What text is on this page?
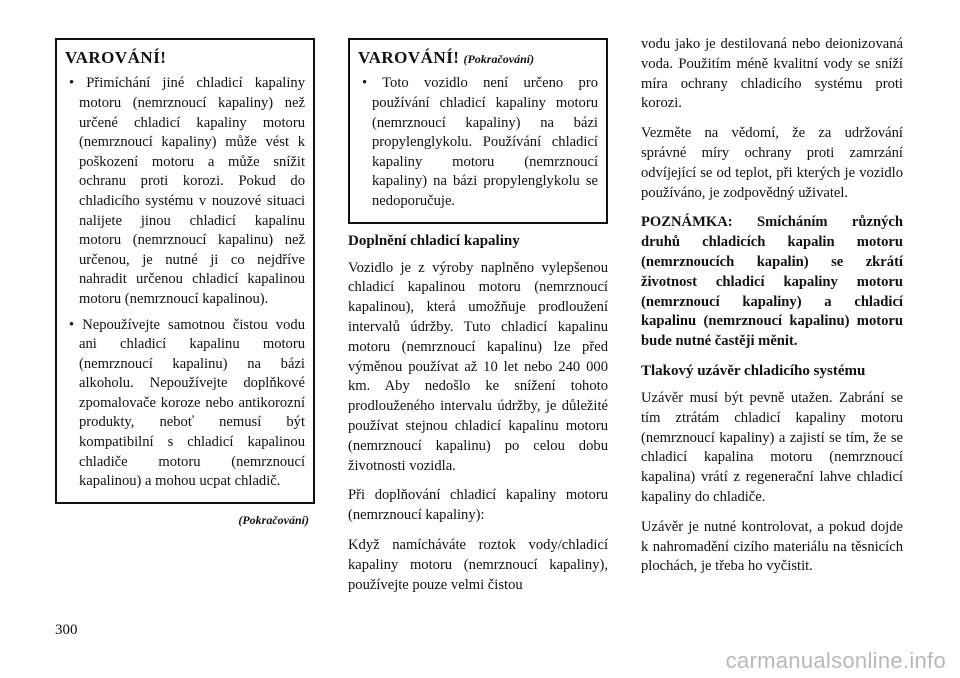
VAROVÁNÍ!
• Přimíchání jiné chladicí kapaliny motoru (nemrznoucí kapaliny) než určené chladicí kapaliny motoru (nemrznoucí kapaliny) může vést k poškození motoru a může snížit ochranu proti korozi. Pokud do chladicího systému v nouzové situaci nalijete jinou chladicí kapalinu motoru (nemrznoucí kapalinu) než určenou, je nutné ji co nejdříve nahradit určenou chladicí kapalinou motoru (nemrznoucí kapalinou).
• Nepoužívejte samotnou čistou vodu ani chladicí kapalinu motoru (nemrznoucí kapalinu) na bázi alkoholu. Nepoužívejte doplňkové zpomalovače koroze nebo antikorozní produkty, neboť nemusí být kompatibilní s chladicí kapalinou chladiče motoru (nemrznoucí kapalinou) a mohou ucpat chladič.
(Pokračování)
VAROVÁNÍ! (Pokračování)
• Toto vozidlo není určeno pro používání chladicí kapaliny motoru (nemrznoucí kapaliny) na bázi propylenglykolu. Používání chladicí kapaliny motoru (nemrznoucí kapaliny) na bázi propylenglykolu se nedoporučuje.
Doplnění chladicí kapaliny

Vozidlo je z výroby naplněno vylepšenou chladicí kapalinou motoru (nemrznoucí kapalinou), která umožňuje prodloužení intervalů údržby. Tuto chladicí kapalinu motoru (nemrznoucí kapalinu) lze před výměnou používat až 10 let nebo 240 000 km. Aby nedošlo ke snížení tohoto prodlouženého intervalu údržby, je důležité používat stejnou chladicí kapalinu motoru (nemrznoucí kapalinu) po celou dobu životnosti vozidla.

Při doplňování chladicí kapaliny motoru (nemrznoucí kapaliny):

Když namícháváte roztok vody/chladicí kapaliny motoru (nemrznoucí kapaliny), používejte pouze velmi čistou

vodu jako je destilovaná nebo deionizovaná voda. Použitím méně kvalitní vody se sníží míra ochrany chladicího systému proti korozi.

Vezměte na vědomí, že za udržování správné míry ochrany proti zamrzání odvíjející se od teplot, při kterých je vozidlo používáno, je zodpovědný uživatel.

POZNÁMKA: Smícháním různých druhů chladicích kapalin motoru (nemrznoucích kapalin) se zkrátí životnost chladicí kapaliny motoru (nemrznoucí kapaliny) a chladicí kapalinu (nemrznoucí kapalinu) motoru bude nutné častěji měnit.

Tlakový uzávěr chladicího systému

Uzávěr musí být pevně utažen. Zabrání se tím ztrátám chladicí kapaliny motoru (nemrznoucí kapaliny) a zajistí se tím, že se chladicí kapalina motoru (nemrznoucí kapalina) vrátí z regenerační lahve chladicí kapaliny do chladiče.

Uzávěr je nutné kontrolovat, a pokud dojde k nahromadění cizího materiálu na těsnicích plochách, je třeba ho vyčistit.

300
carmanualsonline.info
